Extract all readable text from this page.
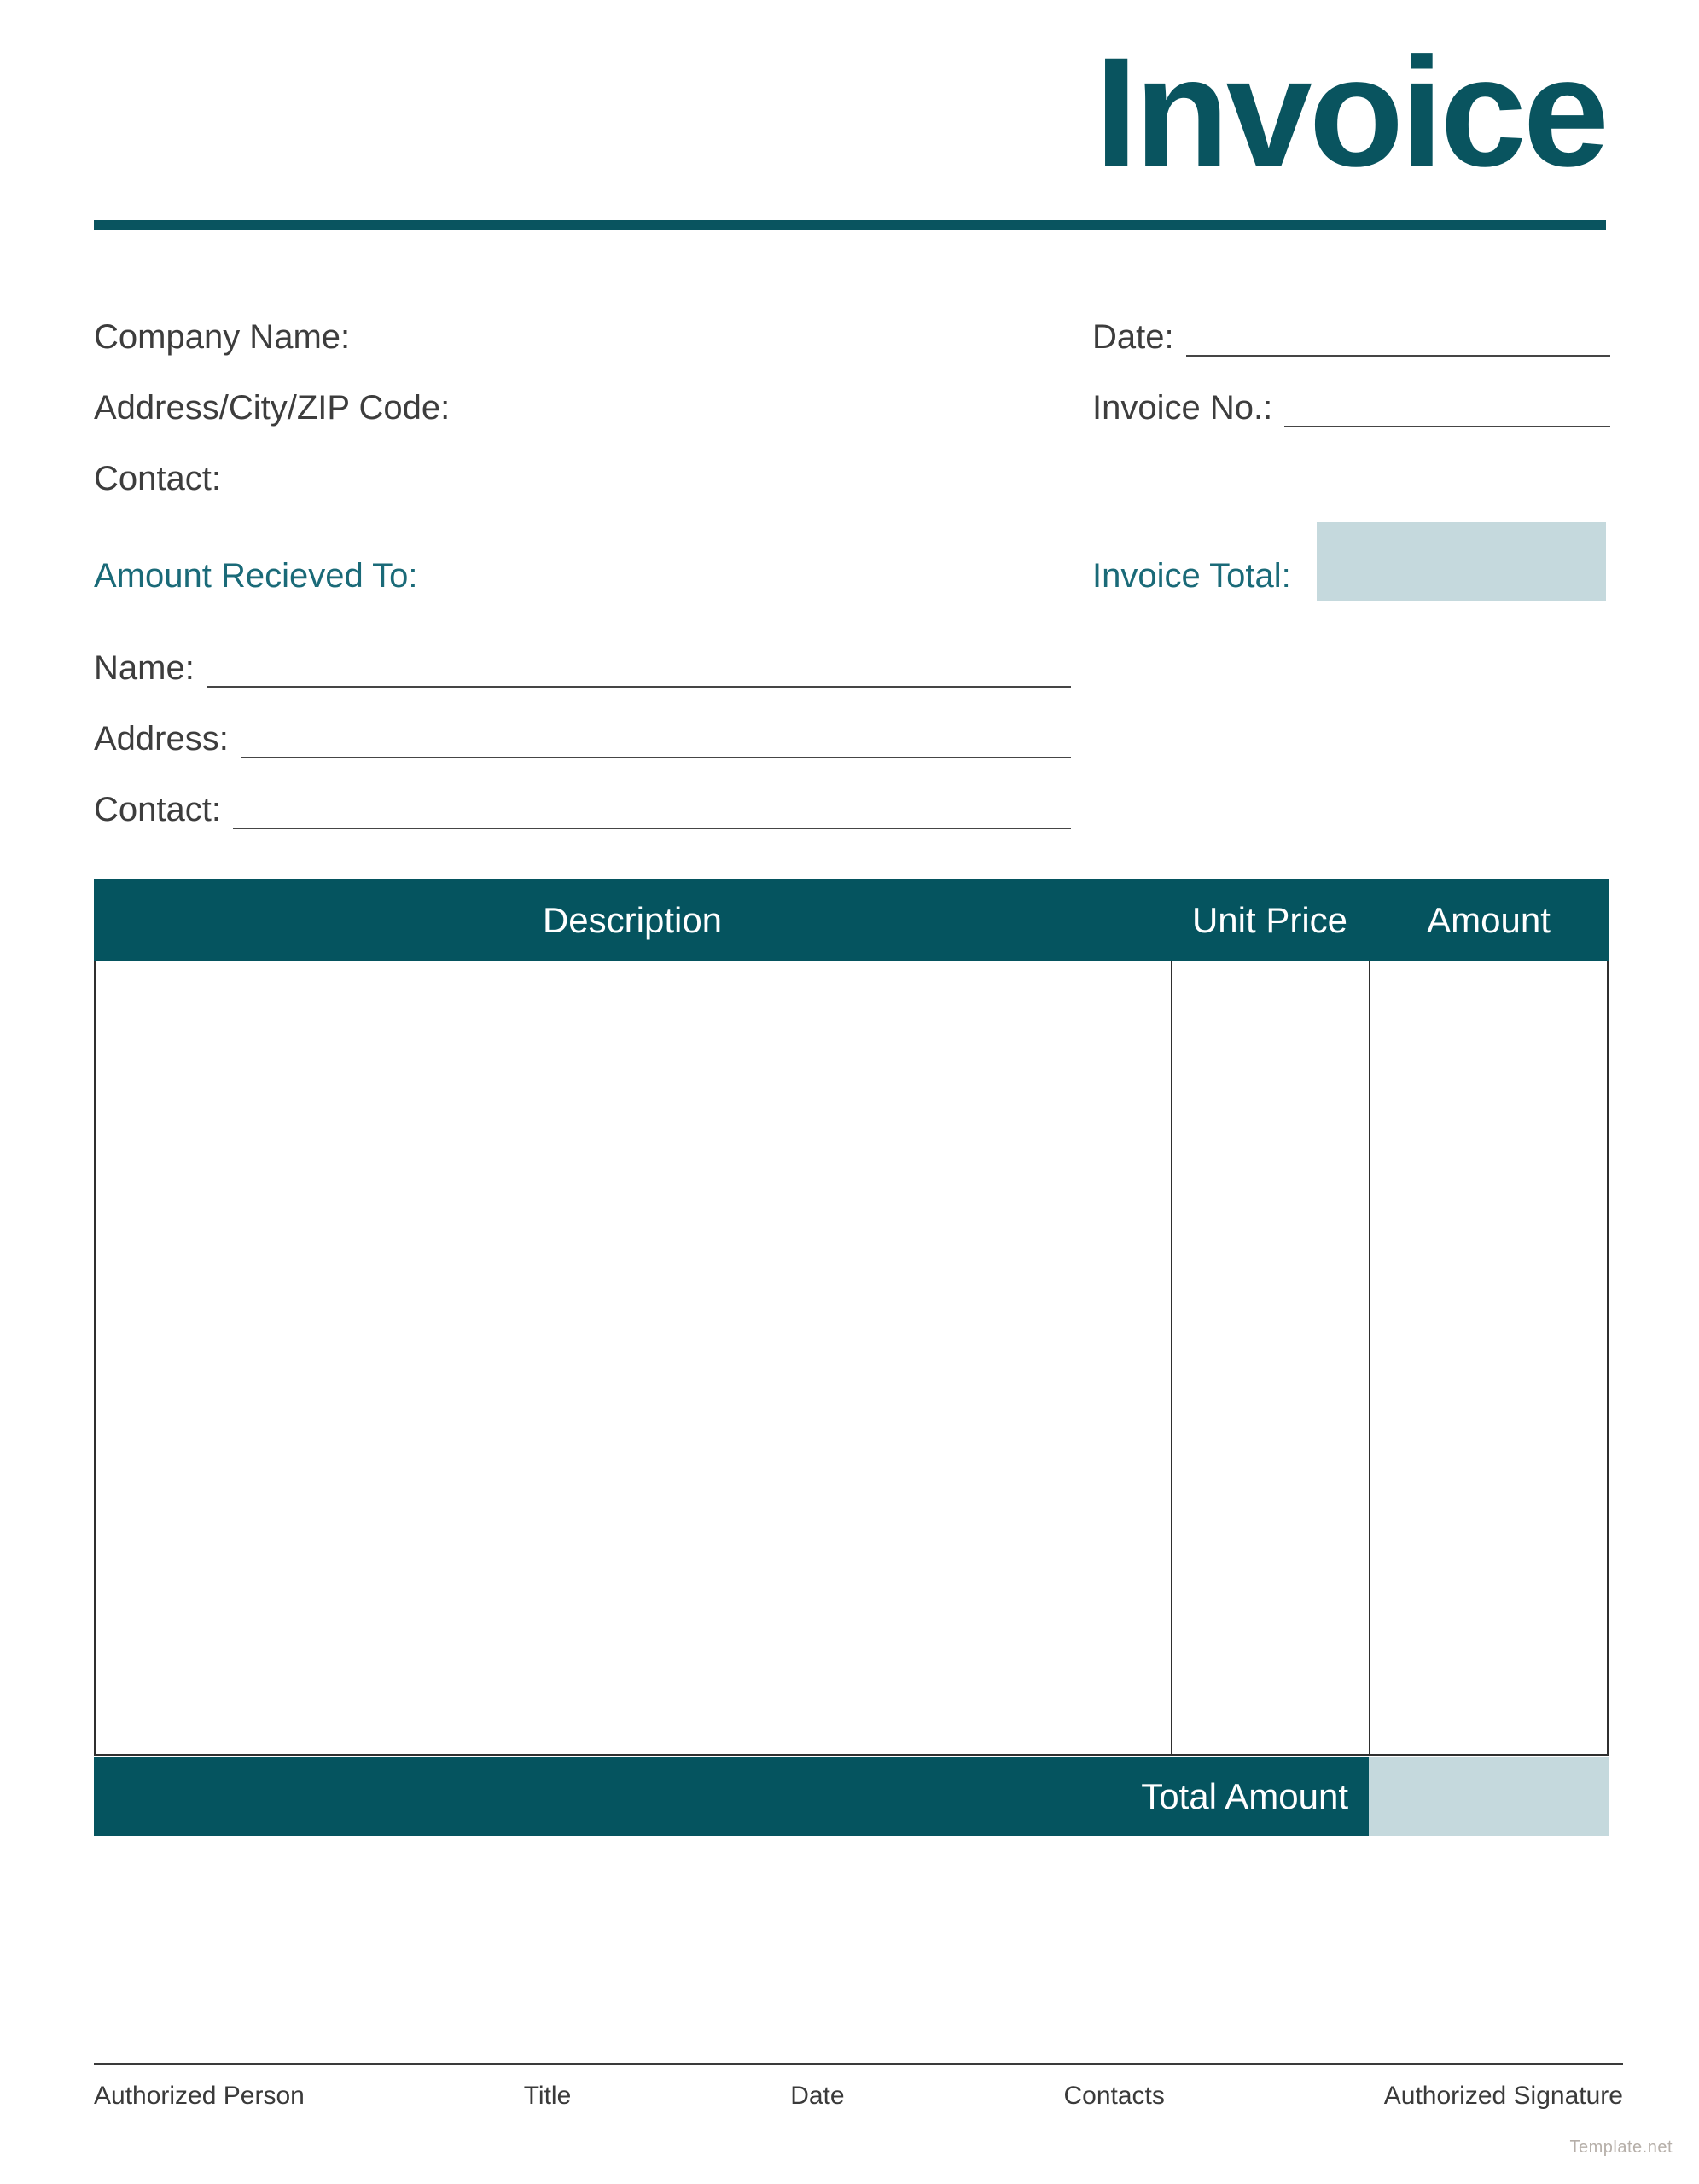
Invoice
Company Name:
Address/City/ZIP Code:
Contact:
Date:
Invoice No.:
Amount Recieved To:
Name:
Address:
Contact:
Invoice Total:
Description	Unit Price	Amount
Total Amount
Authorized Person	Title	Date	Contacts	Authorized Signature
Template.net
